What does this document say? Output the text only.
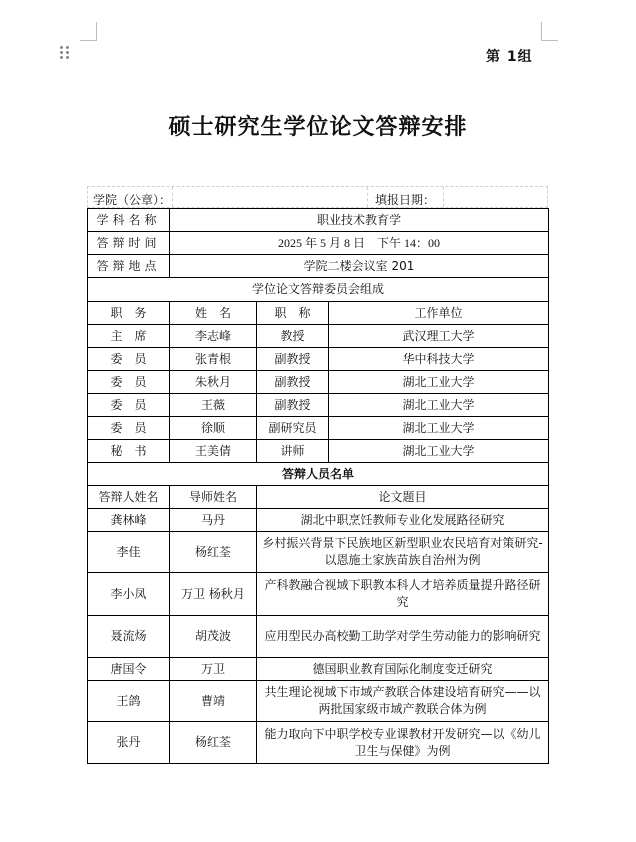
第 1组
硕士研究生学位论文答辩安排
学院（公章）：	填报日期：
学科名称	职业技术教育学		
答辩时间	2025 年 5 月 8 日　下午 14：00		
答辩地点	学院二楼会议室 201		
学位论文答辩委员会组成			
职　务	姓　名	职　称	工作单位
主　席	李志峰	教授	武汉理工大学
委　员	张青根	副教授	华中科技大学
委　员	朱秋月	副教授	湖北工业大学
委　员	王薇	副教授	湖北工业大学
委　员	徐顺	副研究员	湖北工业大学
秘　书	王美倩	讲师	湖北工业大学
答辩人员名单			
答辩人姓名	导师姓名	论文题目	
龚林峰	马丹	湖北中职烹饪教师专业化发展路径研究	
李佳	杨红荃	乡村振兴背景下民族地区新型职业农民培育对策研究-以恩施土家族苗族自治州为例	
李小凤	万卫 杨秋月	产科教融合视域下职教本科人才培养质量提升路径研究	
聂流炀	胡茂波	应用型民办高校勤工助学对学生劳动能力的影响研究	
唐国令	万卫	德国职业教育国际化制度变迁研究	
王鸽	曹靖	共生理论视域下市域产教联合体建设培育研究——以两批国家级市域产教联合体为例	
张丹	杨红荃	能力取向下中职学校专业课教材开发研究—以《幼儿卫生与保健》为例	
